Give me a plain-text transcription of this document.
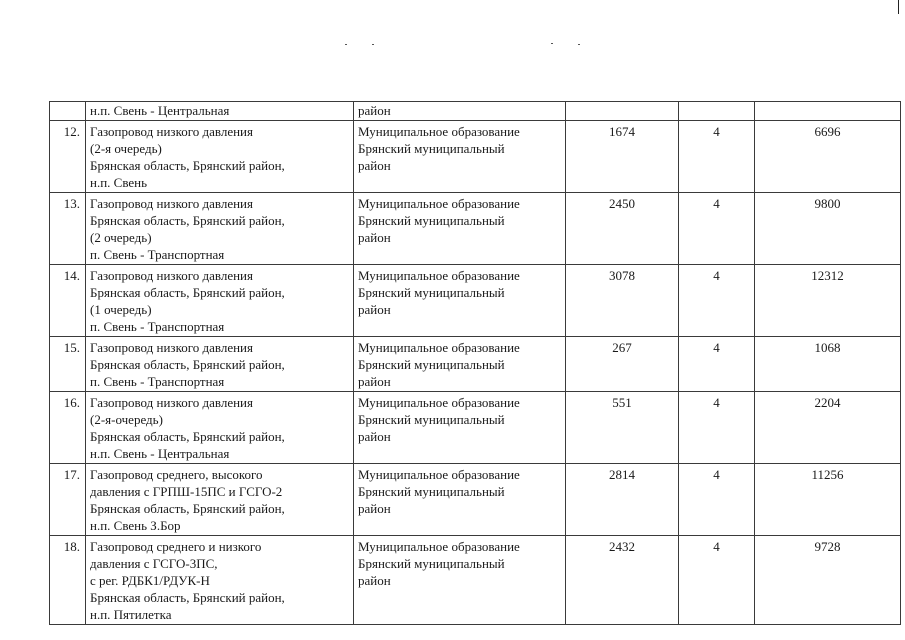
	н.п. Свень - Центральная	район			
12.	Газопровод низкого давления
(2-я очередь)
Брянская область, Брянский район,
н.п. Свень	Муниципальное образование
Брянский муниципальный
район	1674	4	6696
13.	Газопровод низкого давления
Брянская область, Брянский район,
(2 очередь)
п. Свень - Транспортная	Муниципальное образование
Брянский муниципальный
район	2450	4	9800
14.	Газопровод низкого давления
Брянская область, Брянский район,
(1 очередь)
п. Свень - Транспортная	Муниципальное образование
Брянский муниципальный
район	3078	4	12312
15.	Газопровод низкого давления
Брянская область, Брянский район,
п. Свень - Транспортная	Муниципальное образование
Брянский муниципальный
район	267	4	1068
16.	Газопровод низкого давления
(2-я-очередь)
Брянская область, Брянский район,
н.п. Свень - Центральная	Муниципальное образование
Брянский муниципальный
район	551	4	2204
17.	Газопровод среднего, высокого
давления с ГРПШ-15ПС и ГСГО-2
Брянская область, Брянский район,
н.п. Свень З.Бор	Муниципальное образование
Брянский муниципальный
район	2814	4	11256
18.	Газопровод среднего и низкого
давления с ГСГО-3ПС,
с рег. РДБК1/РДУК-Н
Брянская область, Брянский район,
н.п. Пятилетка	Муниципальное образование
Брянский муниципальный
район	2432	4	9728
